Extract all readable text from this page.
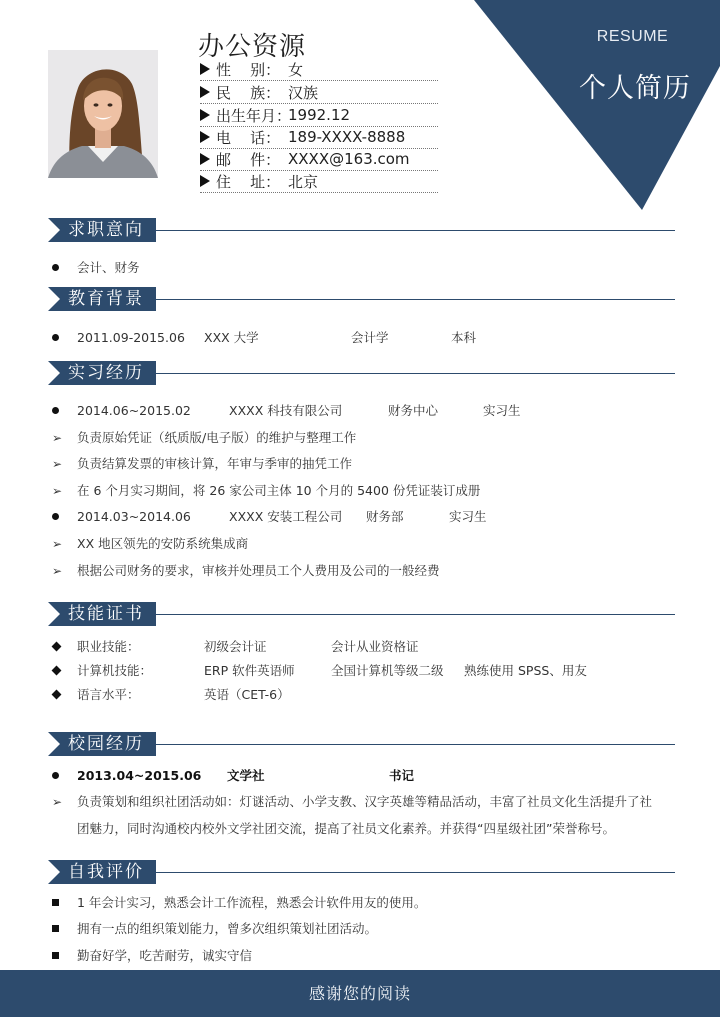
RESUME
个人简历
办公资源
性    别： 女
民    族： 汉族
出生年月：
1992.12
电    话： 189-XXXX-8888
邮    件： XXXX@163.com
住    址： 北京
求职意向
会计、财务
教育背景
2011.09-2015.06 XXX 大学	会计学	本科
实习经历
2014.06~2015.02	XXXX 科技有限公司	财务中心	实习生
➢ 负责原始凭证（纸质版/电子版）的维护与整理工作
➢ 负责结算发票的审核计算，年审与季审的抽凭工作
➢ 在 6 个月实习期间，将 26 家公司主体 10 个月的 5400 份凭证装订成册
2014.03~2014.06	XXXX 安装工程公司 财务部	实习生
➢ XX 地区领先的安防系统集成商
➢ 根据公司财务的要求，审核并处理员工个人费用及公司的一般经费
技能证书
职业技能：	初级会计证	会计从业资格证
计算机技能：	ERP 软件英语师	全国计算机等级二级 熟练使用 SPSS、用友
语言水平：	英语（CET-6）
校园经历
2013.04~2015.06 文学社	书记
➢ 负责策划和组织社团活动如：灯谜活动、小学支教、汉字英雄等精品活动，丰富了社员文化生活提升了社
团魅力，同时沟通校内校外文学社团交流，提高了社员文化素养。并获得“四星级社团”荣誉称号。
自我评价
1 年会计实习，熟悉会计工作流程，熟悉会计软件用友的使用。
拥有一点的组织策划能力，曾多次组织策划社团活动。
勤奋好学，吃苦耐劳，诚实守信
感谢您的阅读
